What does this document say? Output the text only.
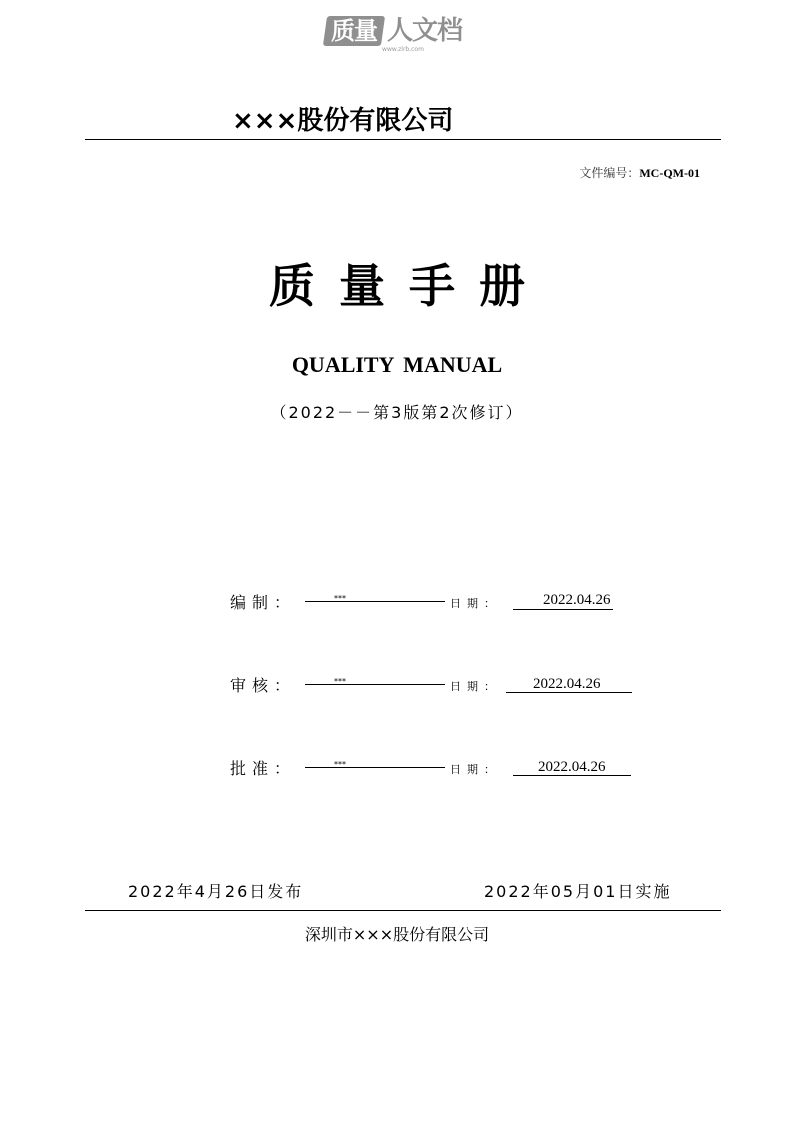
质量 人文档
www.zlrb.com
×××股份有限公司
文件编号：MC-QM-01
质量手册
QUALITY MANUAL
（2022－－第3版第2次修订）
编制：	***	日期：	2022.04.26
审核：	***	日期： 2022.04.26
批准：	***	日期： 2022.04.26
2022年4月26日发布	2022年05月01日实施
深圳市×××股份有限公司
